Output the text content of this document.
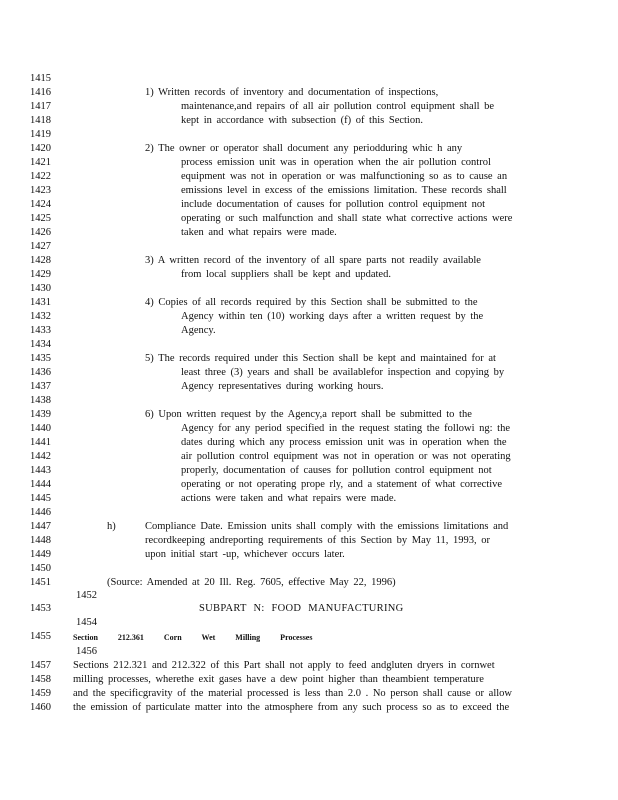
1415
1416
1417
1418
1419
1420
1421
1422
1423
1424
1425
1426
1427
1428
1429
1430
1431
1432
1433
1434
1435
1436
1437
1438
1439
1440
1441
1442
1443
1444
1445
1446
1447
1448
1449
1450
1451
1453
1455
1457
1458
1459
1460
1) Written records of inventory and documentation of inspections,
maintenance,and repairs of all air pollution control equipment shall be
kept in accordance with subsection (f) of this Section.
2) The owner or operator shall document any periodduring whic h any
process emission unit was in operation when the air pollution control
equipment was not in operation or was malfunctioning so as to cause an
emissions level in excess of the emissions limitation. These records shall
include documentation of causes for pollution control equipment not
operating or such malfunction and shall state what corrective actions were
taken and what repairs were made.
3) A written record of the inventory of all spare parts not readily available
from local suppliers shall be kept and updated.
4) Copies of all records required by this Section shall be submitted to the
Agency within ten (10) working days after a written request by the
Agency.
5) The records required under this Section shall be kept and maintained for at
least three (3) years and shall be availablefor inspection and copying by
Agency representatives during working hours.
6) Upon written request by the Agency,a report shall be submitted to the
Agency for any period specified in the request stating the followi ng: the
dates during which any process emission unit was in operation when the
air pollution control equipment was not in operation or was not operating
properly, documentation of causes for pollution control equipment not
operating or not operating prope rly, and a statement of what corrective
actions were taken and what repairs were made.
h)	Compliance Date. Emission units shall comply with the emissions limitations and
recordkeeping andreporting requirements of this Section by May 11, 1993, or
upon initial start -up, whichever occurs later.
(Source: Amended at 20 Ill. Reg. 7605, effective May 22, 1996)
1452
SUBPART N: FOOD MANUFACTURING
1454
Section 212.361 Corn Wet Milling Processes
1456
Sections 212.321 and 212.322 of this Part shall not apply to feed andgluten dryers in cornwet
milling processes, wherethe exit gases have a dew point higher than theambient temperature
and the specificgravity of the material processed is less than 2.0 . No person shall cause or allow
the emission of particulate matter into the atmosphere from any such process so as to exceed the
